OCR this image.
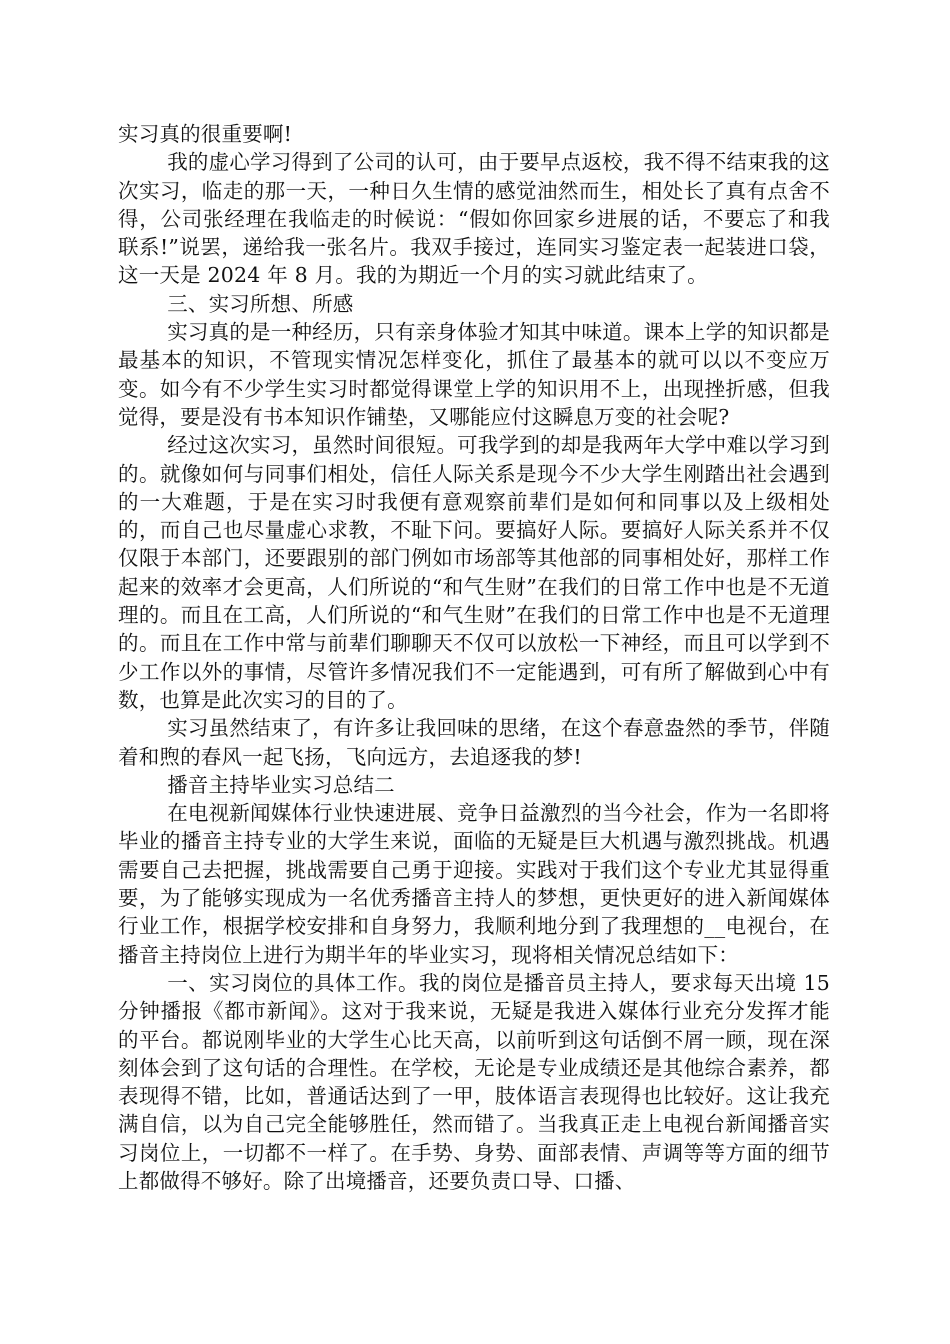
实习真的很重要啊!

我的虚心学习得到了公司的认可，由于要早点返校，我不得不结束我的这次实习，临走的那一天，一种日久生情的感觉油然而生，相处长了真有点舍不得，公司张经理在我临走的时候说：“假如你回家乡进展的话，不要忘了和我联系!”说罢，递给我一张名片。我双手接过，连同实习鉴定表一起装进口袋，这一天是 2024 年 8 月。我的为期近一个月的实习就此结束了。

三、实习所想、所感

实习真的是一种经历，只有亲身体验才知其中味道。课本上学的知识都是最基本的知识，不管现实情况怎样变化，抓住了最基本的就可以以不变应万变。如今有不少学生实习时都觉得课堂上学的知识用不上，出现挫折感，但我觉得，要是没有书本知识作铺垫，又哪能应付这瞬息万变的社会呢?

经过这次实习，虽然时间很短。可我学到的却是我两年大学中难以学习到的。就像如何与同事们相处，信任人际关系是现今不少大学生刚踏出社会遇到的一大难题，于是在实习时我便有意观察前辈们是如何和同事以及上级相处的，而自己也尽量虚心求教，不耻下问。要搞好人际。要搞好人际关系并不仅仅限于本部门，还要跟别的部门例如市场部等其他部的同事相处好，那样工作起来的效率才会更高，人们所说的“和气生财”在我们的日常工作中也是不无道理的。而且在工高，人们所说的“和气生财”在我们的日常工作中也是不无道理的。而且在工作中常与前辈们聊聊天不仅可以放松一下神经，而且可以学到不少工作以外的事情，尽管许多情况我们不一定能遇到，可有所了解做到心中有数，也算是此次实习的目的了。

实习虽然结束了，有许多让我回味的思绪，在这个春意盎然的季节，伴随着和煦的春风一起飞扬，飞向远方，去追逐我的梦!

播音主持毕业实习总结二

在电视新闻媒体行业快速进展、竞争日益激烈的当今社会，作为一名即将毕业的播音主持专业的大学生来说，面临的无疑是巨大机遇与激烈挑战。机遇需要自己去把握，挑战需要自己勇于迎接。实践对于我们这个专业尤其显得重要，为了能够实现成为一名优秀播音主持人的梦想，更快更好的进入新闻媒体行业工作，根据学校安排和自身努力，我顺利地分到了我理想的__电视台，在播音主持岗位上进行为期半年的毕业实习，现将相关情况总结如下：

一、实习岗位的具体工作。我的岗位是播音员主持人，要求每天出境 15 分钟播报《都市新闻》。这对于我来说，无疑是我进入媒体行业充分发挥才能的平台。都说刚毕业的大学生心比天高，以前听到这句话倒不屑一顾，现在深刻体会到了这句话的合理性。在学校，无论是专业成绩还是其他综合素养，都表现得不错，比如，普通话达到了一甲，肢体语言表现得也比较好。这让我充满自信，以为自己完全能够胜任，然而错了。当我真正走上电视台新闻播音实习岗位上，一切都不一样了。在手势、身势、面部表情、声调等等方面的细节上都做得不够好。除了出境播音，还要负责口导、口播、
